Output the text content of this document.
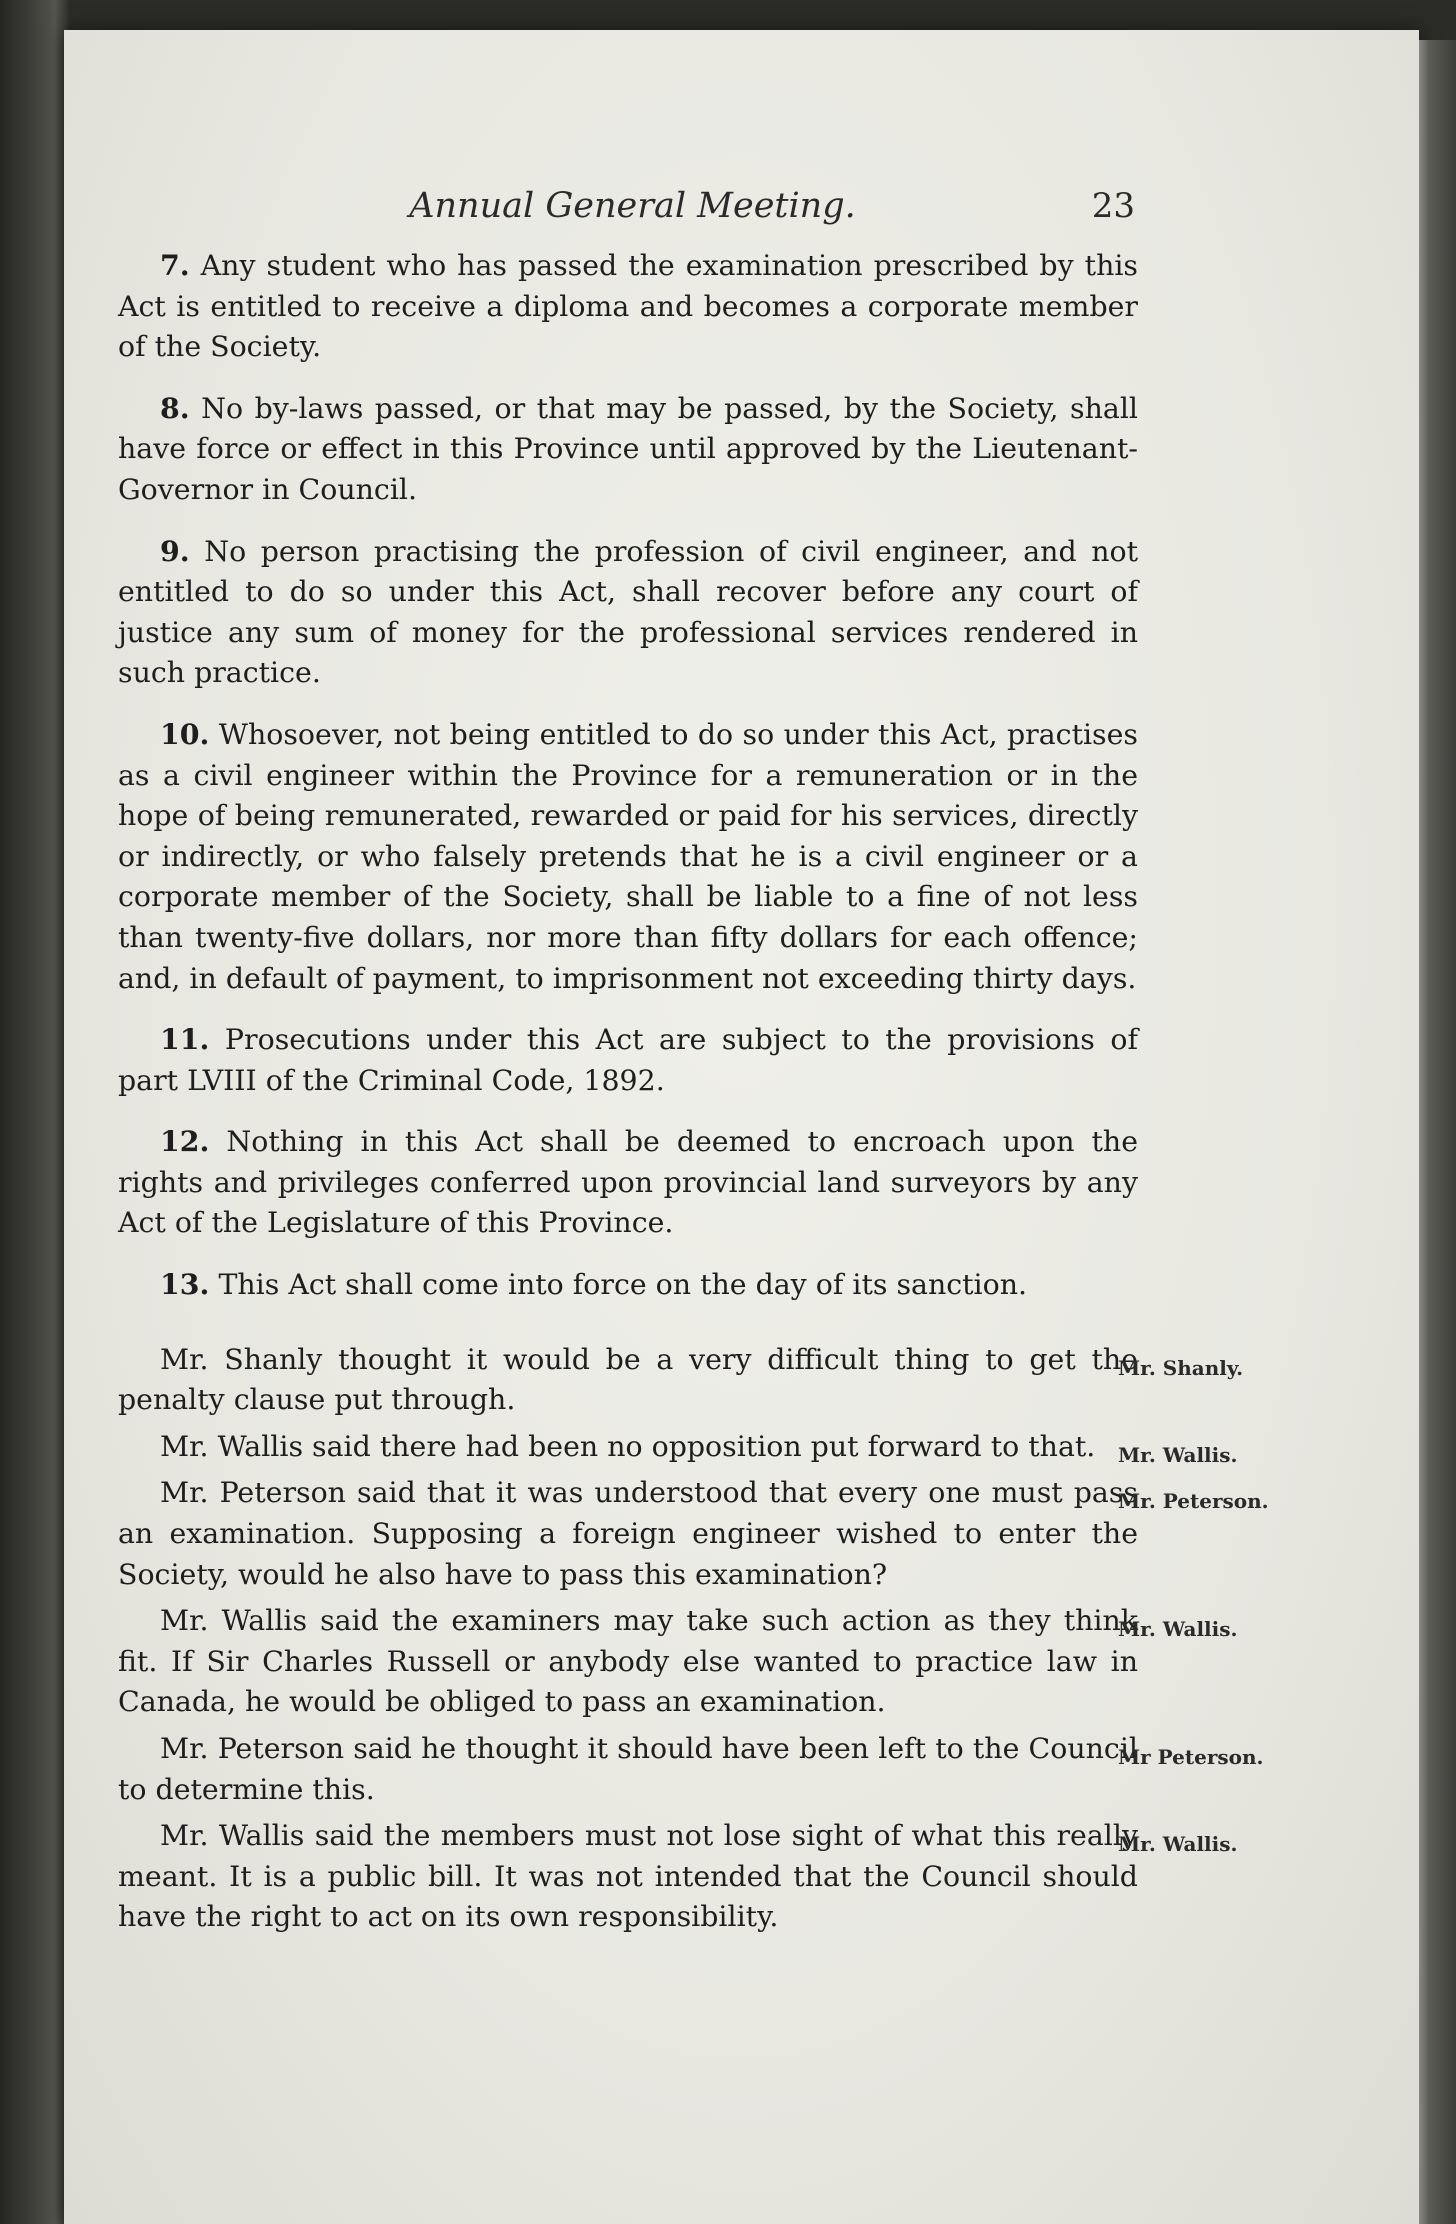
Annual General Meeting.	23

7. Any student who has passed the examination prescribed by this Act is entitled to receive a diploma and becomes a corporate member of the Society.

8. No by-laws passed, or that may be passed, by the Society, shall have force or effect in this Province until approved by the Lieutenant-Governor in Council.

9. No person practising the profession of civil engineer, and not entitled to do so under this Act, shall recover before any court of justice any sum of money for the professional services rendered in such practice.

10. Whosoever, not being entitled to do so under this Act, practises as a civil engineer within the Province for a remuneration or in the hope of being remunerated, rewarded or paid for his services, directly or indirectly, or who falsely pretends that he is a civil engineer or a corporate member of the Society, shall be liable to a fine of not less than twenty-five dollars, nor more than fifty dollars for each offence; and, in default of payment, to imprisonment not exceeding thirty days.

11. Prosecutions under this Act are subject to the provisions of part LVIII of the Criminal Code, 1892.

12. Nothing in this Act shall be deemed to encroach upon the rights and privileges conferred upon provincial land surveyors by any Act of the Legislature of this Province.

13. This Act shall come into force on the day of its sanction.

Mr. Shanly thought it would be a very difficult thing to get the penalty clause put through.
Mr. Shanly.

Mr. Wallis said there had been no opposition put forward to that. Mr. Wallis.

Mr. Peterson said that it was understood that every one must pass an examination. Supposing a foreign engineer wished to enter the Society, would he also have to pass this examination?
Mr. Peterson.

Mr. Wallis said the examiners may take such action as they think fit. If Sir Charles Russell or anybody else wanted to practice law in Canada, he would be obliged to pass an examination.
Mr. Wallis.

Mr. Peterson said he thought it should have been left to the Council to determine this.
Mr Peterson.

Mr. Wallis said the members must not lose sight of what this really meant. It is a public bill. It was not intended that the Council should have the right to act on its own responsibility.
Mr. Wallis.
